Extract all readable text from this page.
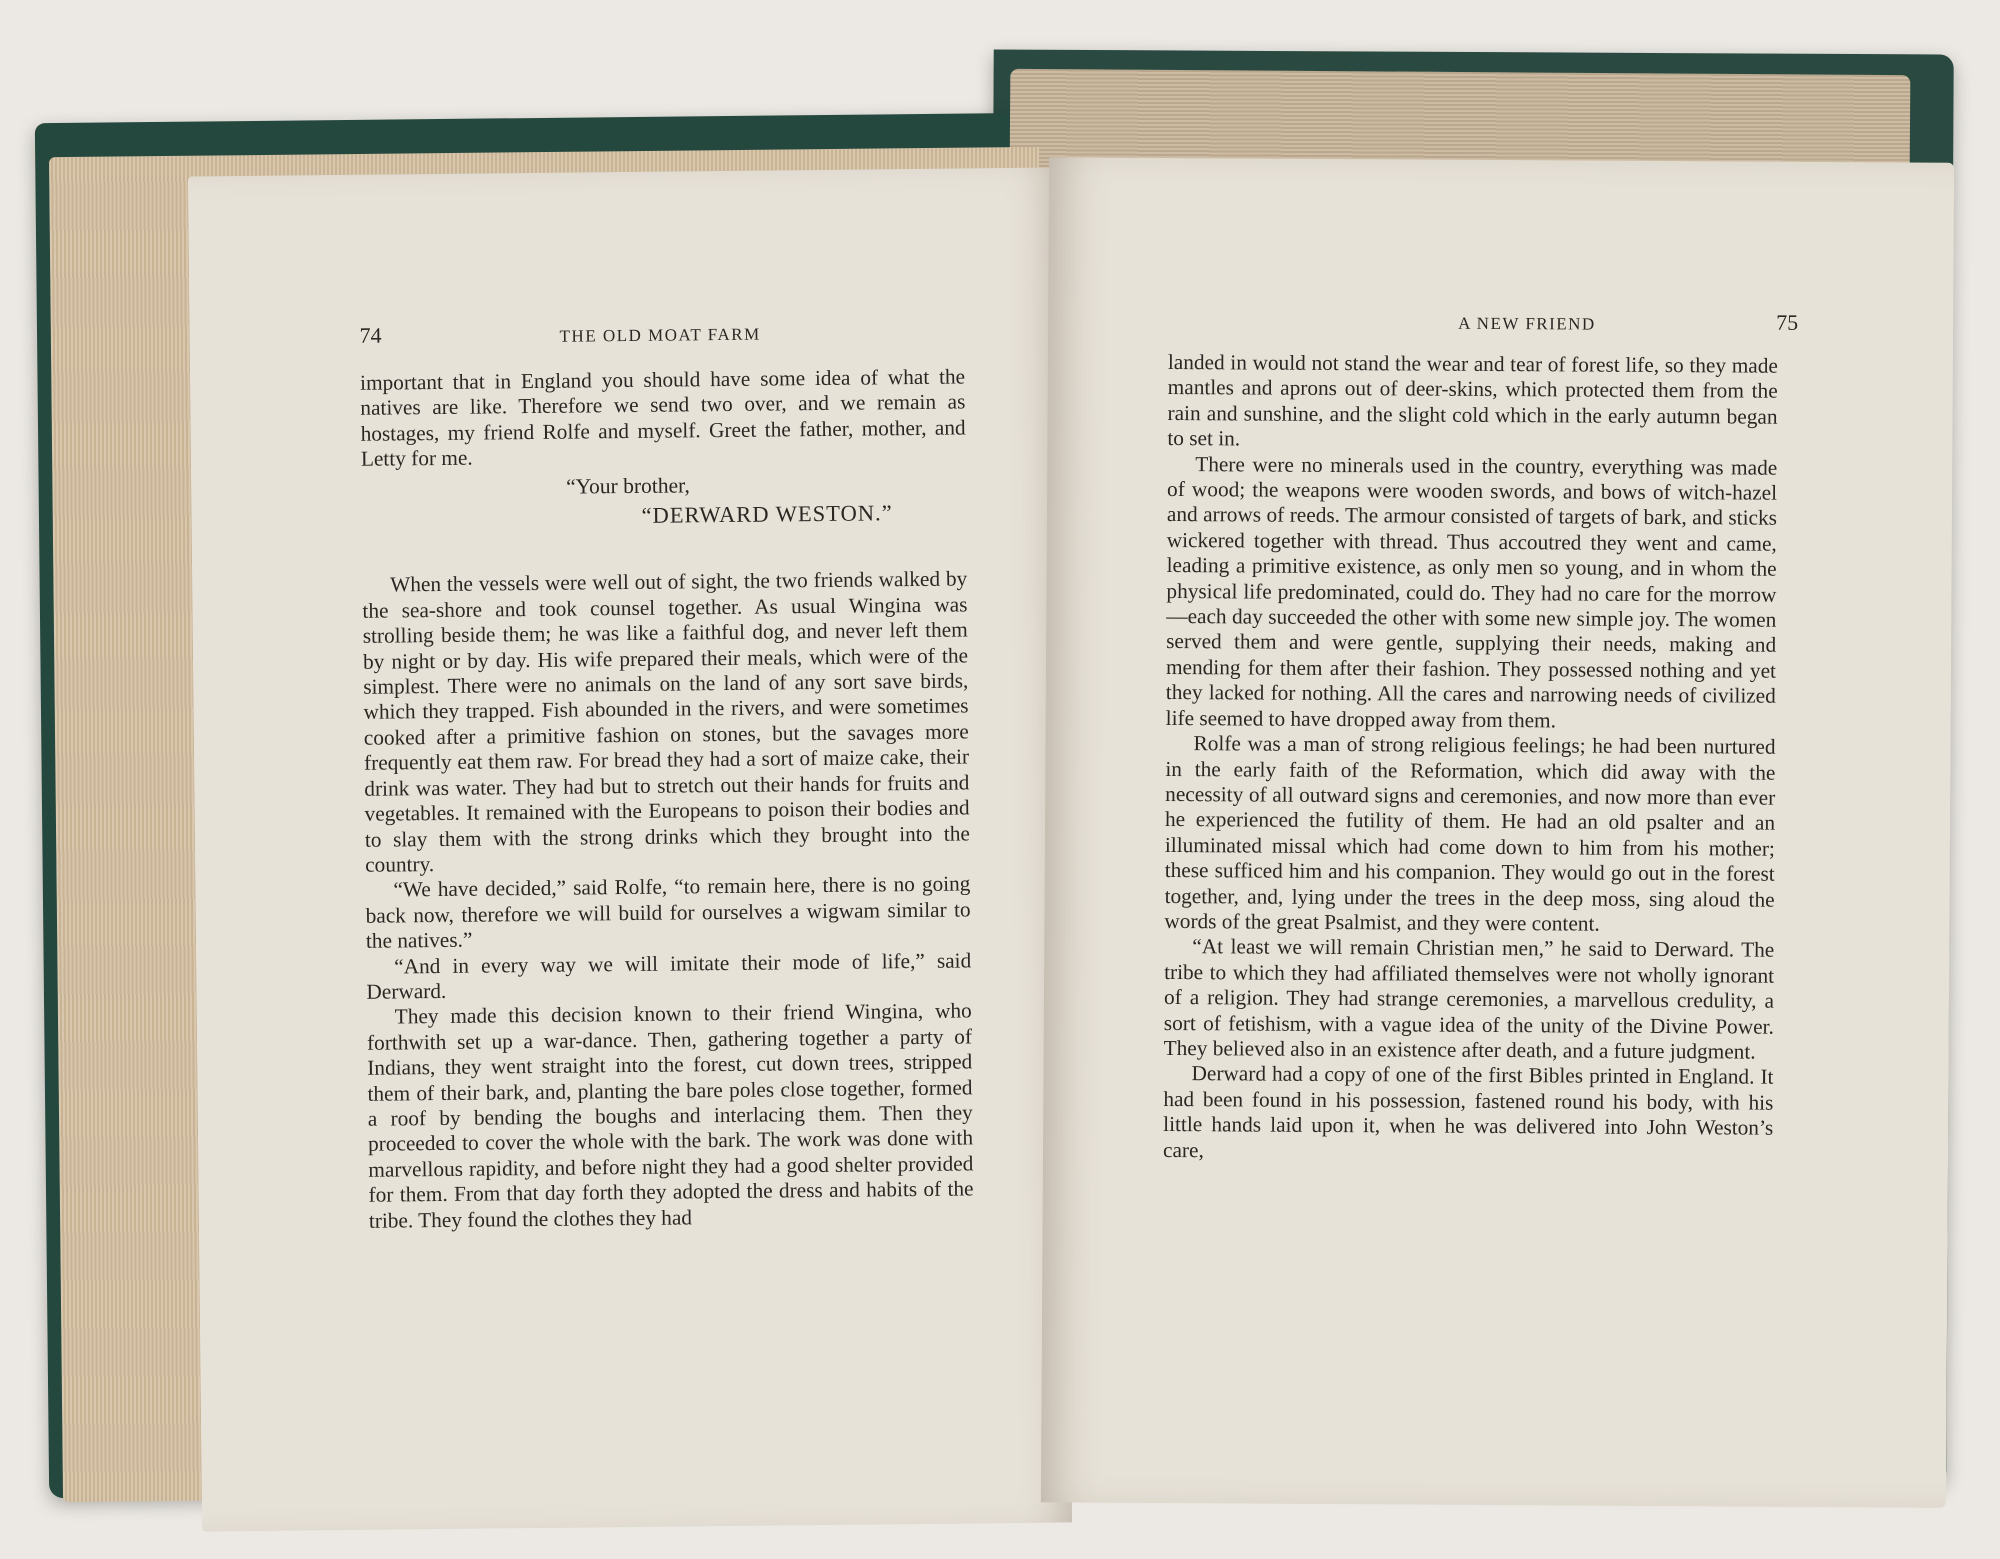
74	THE OLD MOAT FARM

important that in England you should have some idea of what the natives are like. Therefore we send two over, and we remain as hostages, my friend Rolfe and myself. Greet the father, mother, and Letty for me.

“Your brother,
“DERWARD WESTON.”

When the vessels were well out of sight, the two friends walked by the sea-shore and took counsel together. As usual Wingina was strolling beside them; he was like a faithful dog, and never left them by night or by day. His wife prepared their meals, which were of the simplest. There were no animals on the land of any sort save birds, which they trapped. Fish abounded in the rivers, and were sometimes cooked after a primitive fashion on stones, but the savages more frequently eat them raw. For bread they had a sort of maize cake, their drink was water. They had but to stretch out their hands for fruits and vegetables. It remained with the Europeans to poison their bodies and to slay them with the strong drinks which they brought into the country.

“We have decided,” said Rolfe, “to remain here, there is no going back now, therefore we will build for ourselves a wigwam similar to the natives.”

“And in every way we will imitate their mode of life,” said Derward.

They made this decision known to their friend Wingina, who forthwith set up a war-dance. Then, gathering together a party of Indians, they went straight into the forest, cut down trees, stripped them of their bark, and, planting the bare poles close together, formed a roof by bending the boughs and interlacing them. Then they proceeded to cover the whole with the bark. The work was done with marvellous rapidity, and before night they had a good shelter provided for them. From that day forth they adopted the dress and habits of the tribe. They found the clothes they had

A NEW FRIEND	75

landed in would not stand the wear and tear of forest life, so they made mantles and aprons out of deer-skins, which protected them from the rain and sunshine, and the slight cold which in the early autumn began to set in.

There were no minerals used in the country, everything was made of wood; the weapons were wooden swords, and bows of witch-hazel and arrows of reeds. The armour consisted of targets of bark, and sticks wickered together with thread. Thus accoutred they went and came, leading a primitive existence, as only men so young, and in whom the physical life predominated, could do. They had no care for the morrow—each day succeeded the other with some new simple joy. The women served them and were gentle, supplying their needs, making and mending for them after their fashion. They possessed nothing and yet they lacked for nothing. All the cares and narrowing needs of civilized life seemed to have dropped away from them.

Rolfe was a man of strong religious feelings; he had been nurtured in the early faith of the Reformation, which did away with the necessity of all outward signs and ceremonies, and now more than ever he experienced the futility of them. He had an old psalter and an illuminated missal which had come down to him from his mother; these sufficed him and his companion. They would go out in the forest together, and, lying under the trees in the deep moss, sing aloud the words of the great Psalmist, and they were content.

“At least we will remain Christian men,” he said to Derward. The tribe to which they had affiliated themselves were not wholly ignorant of a religion. They had strange ceremonies, a marvellous credulity, a sort of fetishism, with a vague idea of the unity of the Divine Power. They believed also in an existence after death, and a future judgment.

Derward had a copy of one of the first Bibles printed in England. It had been found in his possession, fastened round his body, with his little hands laid upon it, when he was delivered into John Weston’s care,
